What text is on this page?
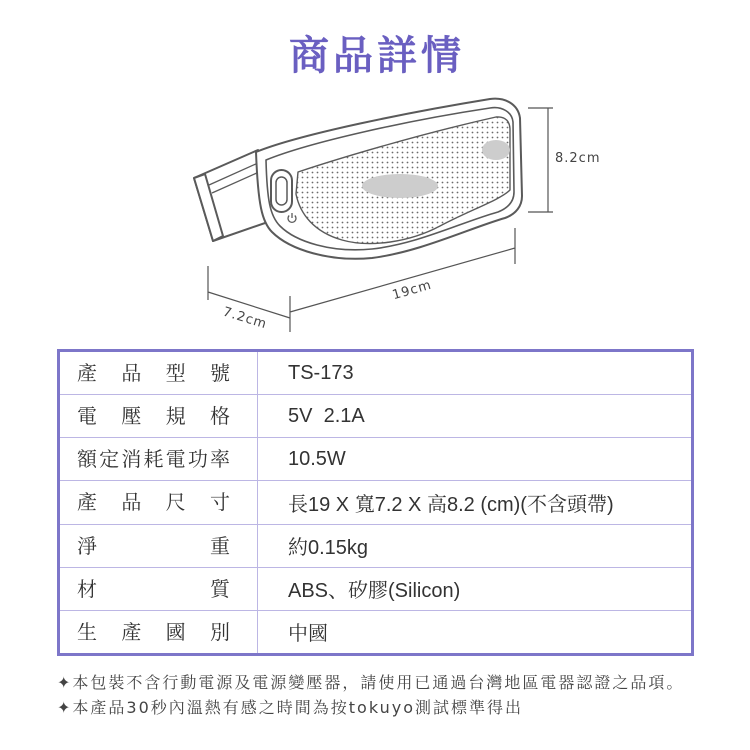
8.2cm
19cm
7.2cm
商品詳情
產品型號	TS-173
電壓規格	5V  2.1A
額定消耗電功率	10.5W
產品尺寸	長19 X 寬7.2 X 高8.2 (cm)(不含頭帶)
淨重	約0.15kg
材質	ABS、矽膠(Silicon)
生產國別	中國
✦本包裝不含行動電源及電源變壓器，請使用已通過台灣地區電器認證之品項。
✦本產品30秒內溫熱有感之時間為按tokuyo測試標準得出
